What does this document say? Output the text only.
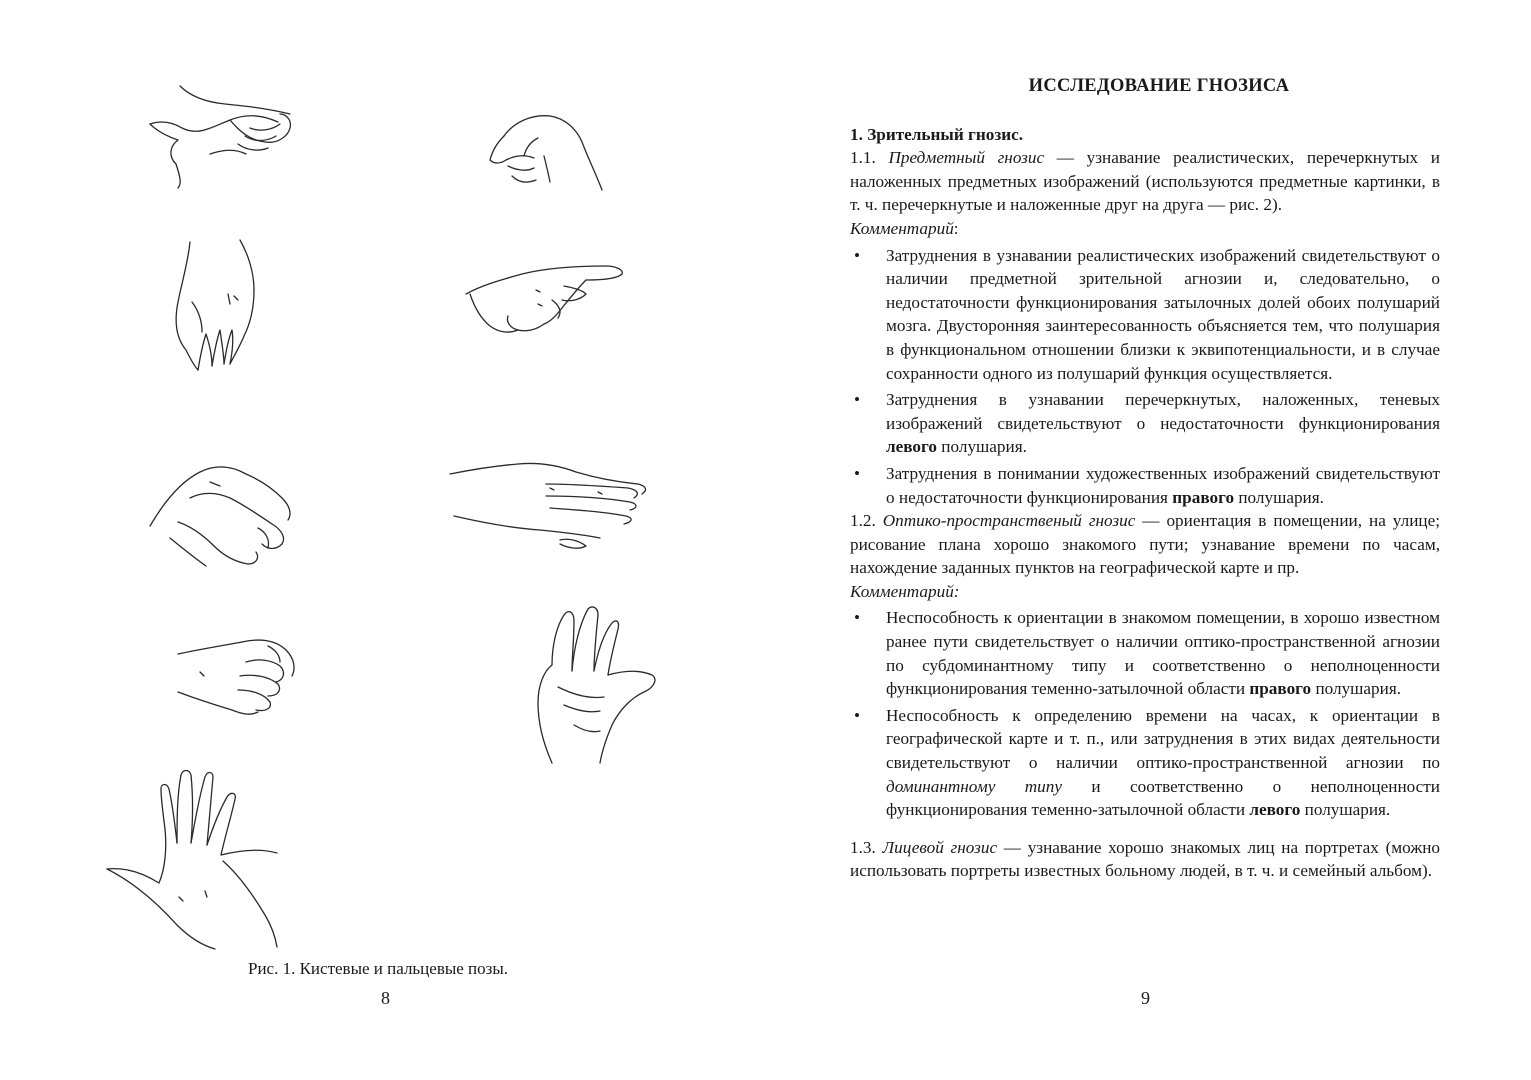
Рис. 1. Кистевые и пальцевые позы.
8
ИССЛЕДОВАНИЕ ГНОЗИСА
1. Зрительный гнозис.

1.1. Предметный гнозис — узнавание реалистических, перечеркнутых и наложенных предметных изображений (используются предметные картинки, в т. ч. перечеркнутые и наложенные друг на друга — рис. 2).

Комментарий:

• Затруднения в узнавании реалистических изображений свидетельствуют о наличии предметной зрительной агнозии и, следовательно, о недостаточности функционирования затылочных долей обоих полушарий мозга. Двусторонняя заинтересованность объясняется тем, что полушария в функциональном отношении близки к эквипотенциальности, и в случае сохранности одного из полушарий функция осуществляется.
• Затруднения в узнавании перечеркнутых, наложенных, теневых изображений свидетельствуют о недостаточности функционирования левого полушария.
• Затруднения в понимании художественных изображений свидетельствуют о недостаточности функционирования правого полушария.

1.2. Оптико-пространственый гнозис — ориентация в помещении, на улице; рисование плана хорошо знакомого пути; узнавание времени по часам, нахождение заданных пунктов на географической карте и пр.

Комментарий:

• Неспособность к ориентации в знакомом помещении, в хорошо известном ранее пути свидетельствует о наличии оптико-пространственной агнозии по субдоминантному типу и соответственно о неполноценности функционирования теменно-затылочной области правого полушария.
• Неспособность к определению времени на часах, к ориентации в географической карте и т. п., или затруднения в этих видах деятельности свидетельствуют о наличии оптико-пространственной агнозии по доминантному типу и соответственно о неполноценности функционирования теменно-затылочной области левого полушария.

1.3. Лицевой гнозис — узнавание хорошо знакомых лиц на портретах (можно использовать портреты известных больному людей, в т. ч. и семейный альбом).

9
